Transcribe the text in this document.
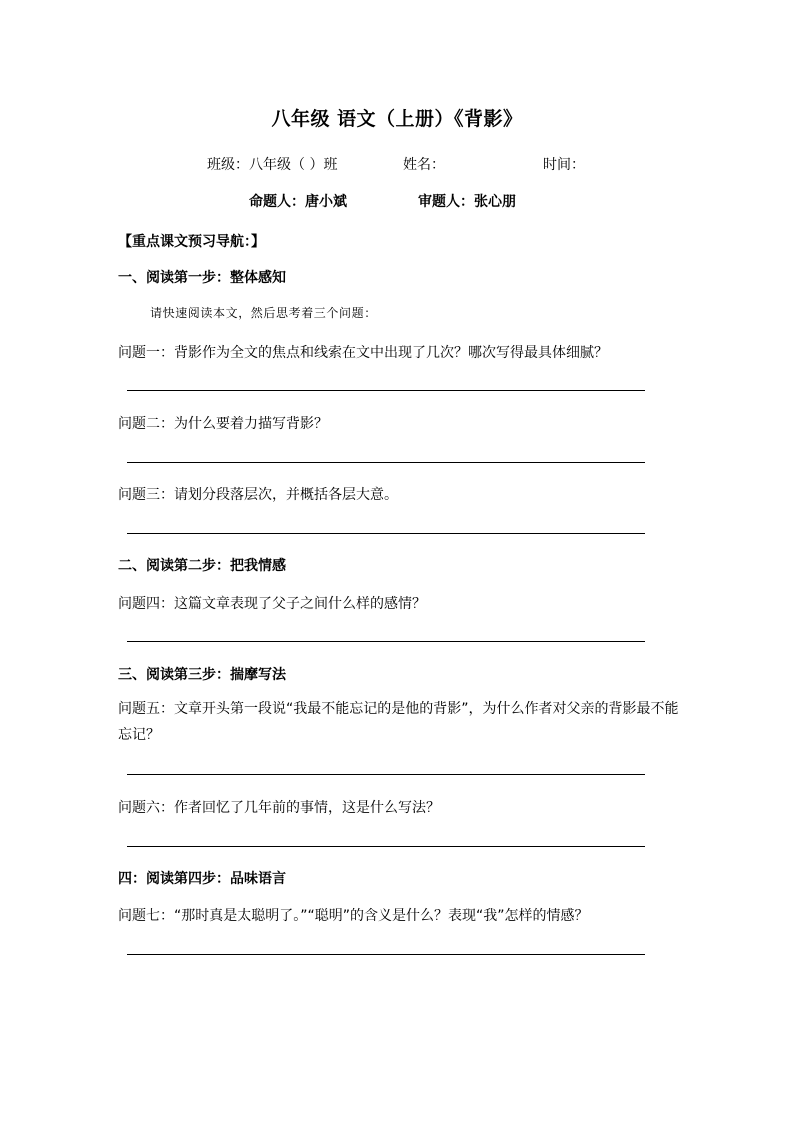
八年级 语文（上册）《背影》
班级：八年级（ ）班	姓名：	时间：
命题人：唐小斌	审题人：张心朋
【重点课文预习导航：】
一、阅读第一步：整体感知
请快速阅读本文，然后思考着三个问题：
问题一：背影作为全文的焦点和线索在文中出现了几次？哪次写得最具体细腻？
问题二：为什么要着力描写背影？
问题三：请划分段落层次，并概括各层大意。
二、阅读第二步：把我情感
问题四：这篇文章表现了父子之间什么样的感情？
三、阅读第三步：揣摩写法
问题五：文章开头第一段说“我最不能忘记的是他的背影”，为什么作者对父亲的背影最不能忘记？
问题六：作者回忆了几年前的事情，这是什么写法？
四：阅读第四步：品味语言
问题七：“那时真是太聪明了。”“聪明”的含义是什么？表现“我”怎样的情感？
